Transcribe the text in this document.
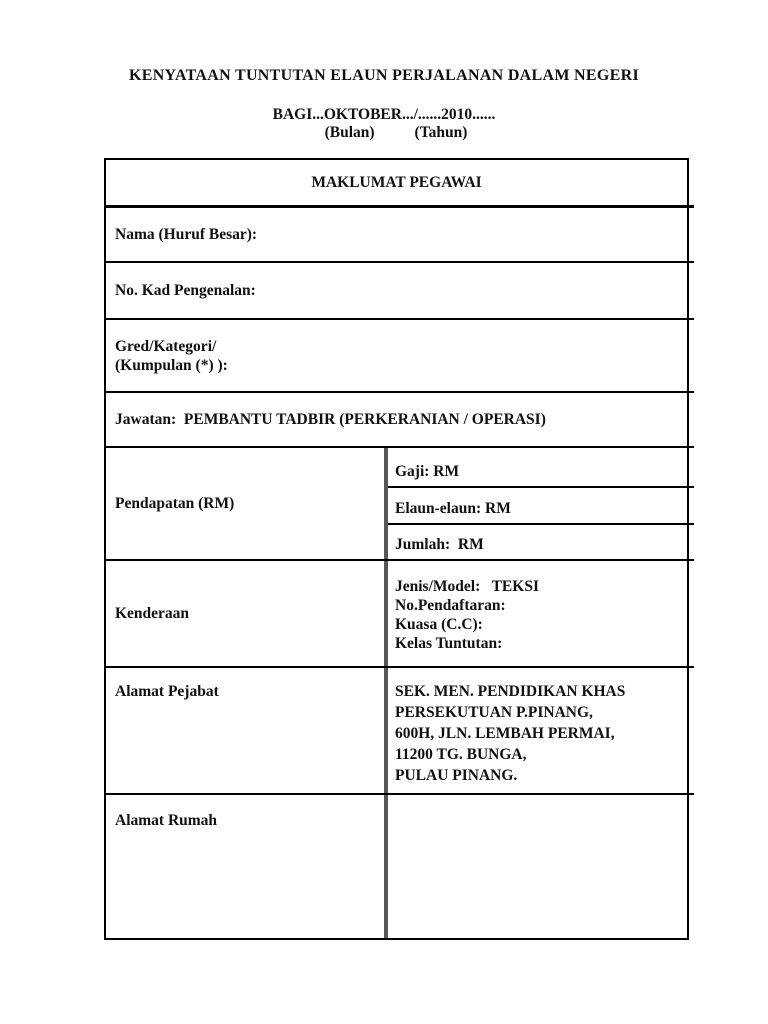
KENYATAAN TUNTUTAN ELAUN PERJALANAN DALAM NEGERI
BAGI...OKTOBER.../......2010......
(Bulan)	(Tahun)
MAKLUMAT PEGAWAI
Nama (Huruf Besar):
No. Kad Pengenalan:
Gred/Kategori/
(Kumpulan (*) ):
Jawatan:  PEMBANTU TADBIR (PERKERANIAN / OPERASI)
Pendapatan (RM)
Gaji: RM
Elaun-elaun: RM
Jumlah:  RM
Kenderaan
Jenis/Model:   TEKSI
No.Pendaftaran:
Kuasa (C.C):
Kelas Tuntutan:
Alamat Pejabat	SEK. MEN. PENDIDIKAN KHAS
PERSEKUTUAN P.PINANG,
600H, JLN. LEMBAH PERMAI,
11200 TG. BUNGA,
PULAU PINANG.
Alamat Rumah
